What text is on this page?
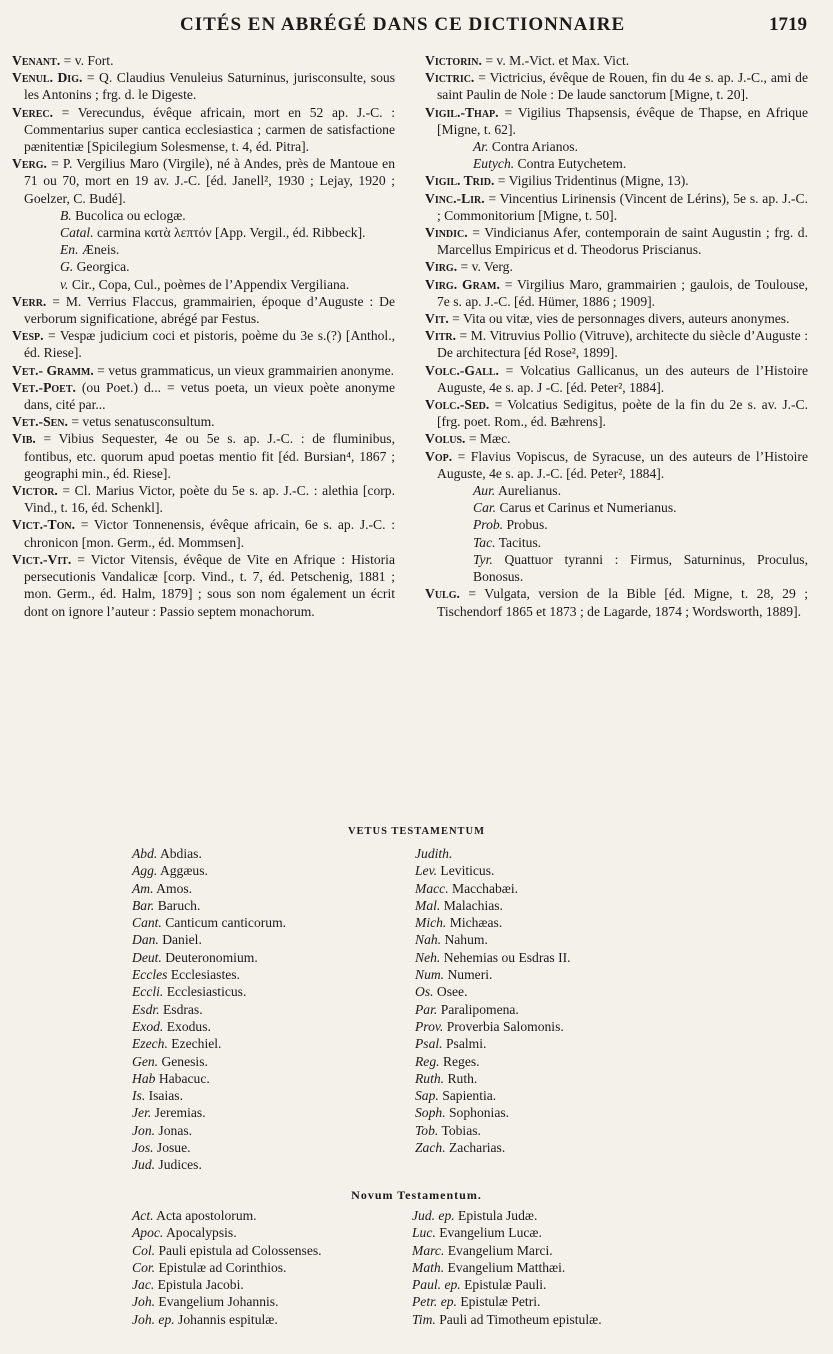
CITÉS EN ABRÉGÉ DANS CE DICTIONNAIRE	1719

Venant. = v. Fort.

Venul. Dig. = Q. Claudius Venuleius Saturninus, jurisconsulte, sous les Antonins ; frg. d. le Digeste.

Verec. = Verecundus, évêque africain, mort en 52 ap. J.-C. : Commentarius super cantica ecclesiastica ; carmen de satisfactione pænitentiæ [Spicilegium Solesmense, t. 4, éd. Pitra].

Verg. = P. Vergilius Maro (Virgile), né à Andes, près de Mantoue en 71 ou 70, mort en 19 av. J.-C. [éd. Janell², 1930 ; Lejay, 1920 ; Goelzer, C. Budé].

B. Bucolica ou eclogæ.

Catal. carmina κατὰ λεπτόν [App. Vergil., éd. Ribbeck].

En. Æneis.

G. Georgica.

v. Cir., Copa, Cul., poèmes de l’Appendix Vergiliana.

Verr. = M. Verrius Flaccus, grammairien, époque d’Auguste : De verborum significatione, abrégé par Festus.

Vesp. = Vespæ judicium coci et pistoris, poème du 3e s.(?) [Anthol., éd. Riese].

Vet.- Gramm. = vetus grammaticus, un vieux grammairien anonyme.

Vet.-Poet. (ou Poet.) d... = vetus poeta, un vieux poète anonyme dans, cité par...

Vet.-Sen. = vetus senatusconsultum.

Vib. = Vibius Sequester, 4e ou 5e s. ap. J.-C. : de fluminibus, fontibus, etc. quorum apud poetas mentio fit [éd. Bursian⁴, 1867 ; geographi min., éd. Riese].

Victor. = Cl. Marius Victor, poète du 5e s. ap. J.-C. : alethia [corp. Vind., t. 16, éd. Schenkl].

Vict.-Ton. = Victor Tonnenensis, évêque africain, 6e s. ap. J.-C. : chronicon [mon. Germ., éd. Mommsen].

Vict.-Vit. = Victor Vitensis, évêque de Vite en Afrique : Historia persecutionis Vandalicæ [corp. Vind., t. 7, éd. Petschenig, 1881 ; mon. Germ., éd. Halm, 1879] ; sous son nom également un écrit dont on ignore l’auteur : Passio septem monachorum.

Victorin. = v. M.-Vict. et Max. Vict.

Victric. = Victricius, évêque de Rouen, fin du 4e s. ap. J.-C., ami de saint Paulin de Nole : De laude sanctorum [Migne, t. 20].

Vigil.-Thap. = Vigilius Thapsensis, évêque de Thapse, en Afrique [Migne, t. 62].

Ar. Contra Arianos.

Eutych. Contra Eutychetem.

Vigil. Trid. = Vigilius Tridentinus (Migne, 13).

Vinc.-Lir. = Vincentius Lirinensis (Vincent de Lérins), 5e s. ap. J.-C. ; Commonitorium [Migne, t. 50].

Vindic. = Vindicianus Afer, contemporain de saint Augustin ; frg. d. Marcellus Empiricus et d. Theodorus Priscianus.

Virg. = v. Verg.

Virg. Gram. = Virgilius Maro, grammairien ; gaulois, de Toulouse, 7e s. ap. J.-C. [éd. Hümer, 1886 ; 1909].

Vit. = Vita ou vitæ, vies de personnages divers, auteurs anonymes.

Vitr. = M. Vitruvius Pollio (Vitruve), architecte du siècle d’Auguste : De architectura [éd Rose², 1899].

Volc.-Gall. = Volcatius Gallicanus, un des auteurs de l’Histoire Auguste, 4e s. ap. J -C. [éd. Peter², 1884].

Volc.-Sed. = Volcatius Sedigitus, poète de la fin du 2e s. av. J.-C. [frg. poet. Rom., éd. Bæhrens].

Volus. = Mæc.

Vop. = Flavius Vopiscus, de Syracuse, un des auteurs de l’Histoire Auguste, 4e s. ap. J.-C. [éd. Peter², 1884].

Aur. Aurelianus.

Car. Carus et Carinus et Numerianus.

Prob. Probus.

Tac. Tacitus.

Tyr. Quattuor tyranni : Firmus, Saturninus, Proculus, Bonosus.

Vulg. = Vulgata, version de la Bible [éd. Migne, t. 28, 29 ; Tischendorf 1865 et 1873 ; de Lagarde, 1874 ; Wordsworth, 1889].

VETUS TESTAMENTUM
Abd. Abdias.
Agg. Aggæus.
Am. Amos.
Bar. Baruch.
Cant. Canticum canticorum.
Dan. Daniel.
Deut. Deuteronomium.
Eccles Ecclesiastes.
Eccli. Ecclesiasticus.
Esdr. Esdras.
Exod. Exodus.
Ezech. Ezechiel.
Gen. Genesis.
Hab Habacuc.
Is. Isaias.
Jer. Jeremias.
Jon. Jonas.
Jos. Josue.
Jud. Judices.
Judith.
Lev. Leviticus.
Macc. Macchabæi.
Mal. Malachias.
Mich. Michæas.
Nah. Nahum.
Neh. Nehemias ou Esdras II.
Num. Numeri.
Os. Osee.
Par. Paralipomena.
Prov. Proverbia Salomonis.
Psal. Psalmi.
Reg. Reges.
Ruth. Ruth.
Sap. Sapientia.
Soph. Sophonias.
Tob. Tobias.
Zach. Zacharias.
Novum Testamentum.
Act. Acta apostolorum.
Apoc. Apocalypsis.
Col. Pauli epistula ad Colossenses.
Cor. Epistulæ ad Corinthios.
Jac. Epistula Jacobi.
Joh. Evangelium Johannis.
Joh. ep. Johannis espitulæ.
Jud. ep. Epistula Judæ.
Luc. Evangelium Lucæ.
Marc. Evangelium Marci.
Math. Evangelium Matthæi.
Paul. ep. Epistulæ Pauli.
Petr. ep. Epistulæ Petri.
Tim. Pauli ad Timotheum epistulæ.
